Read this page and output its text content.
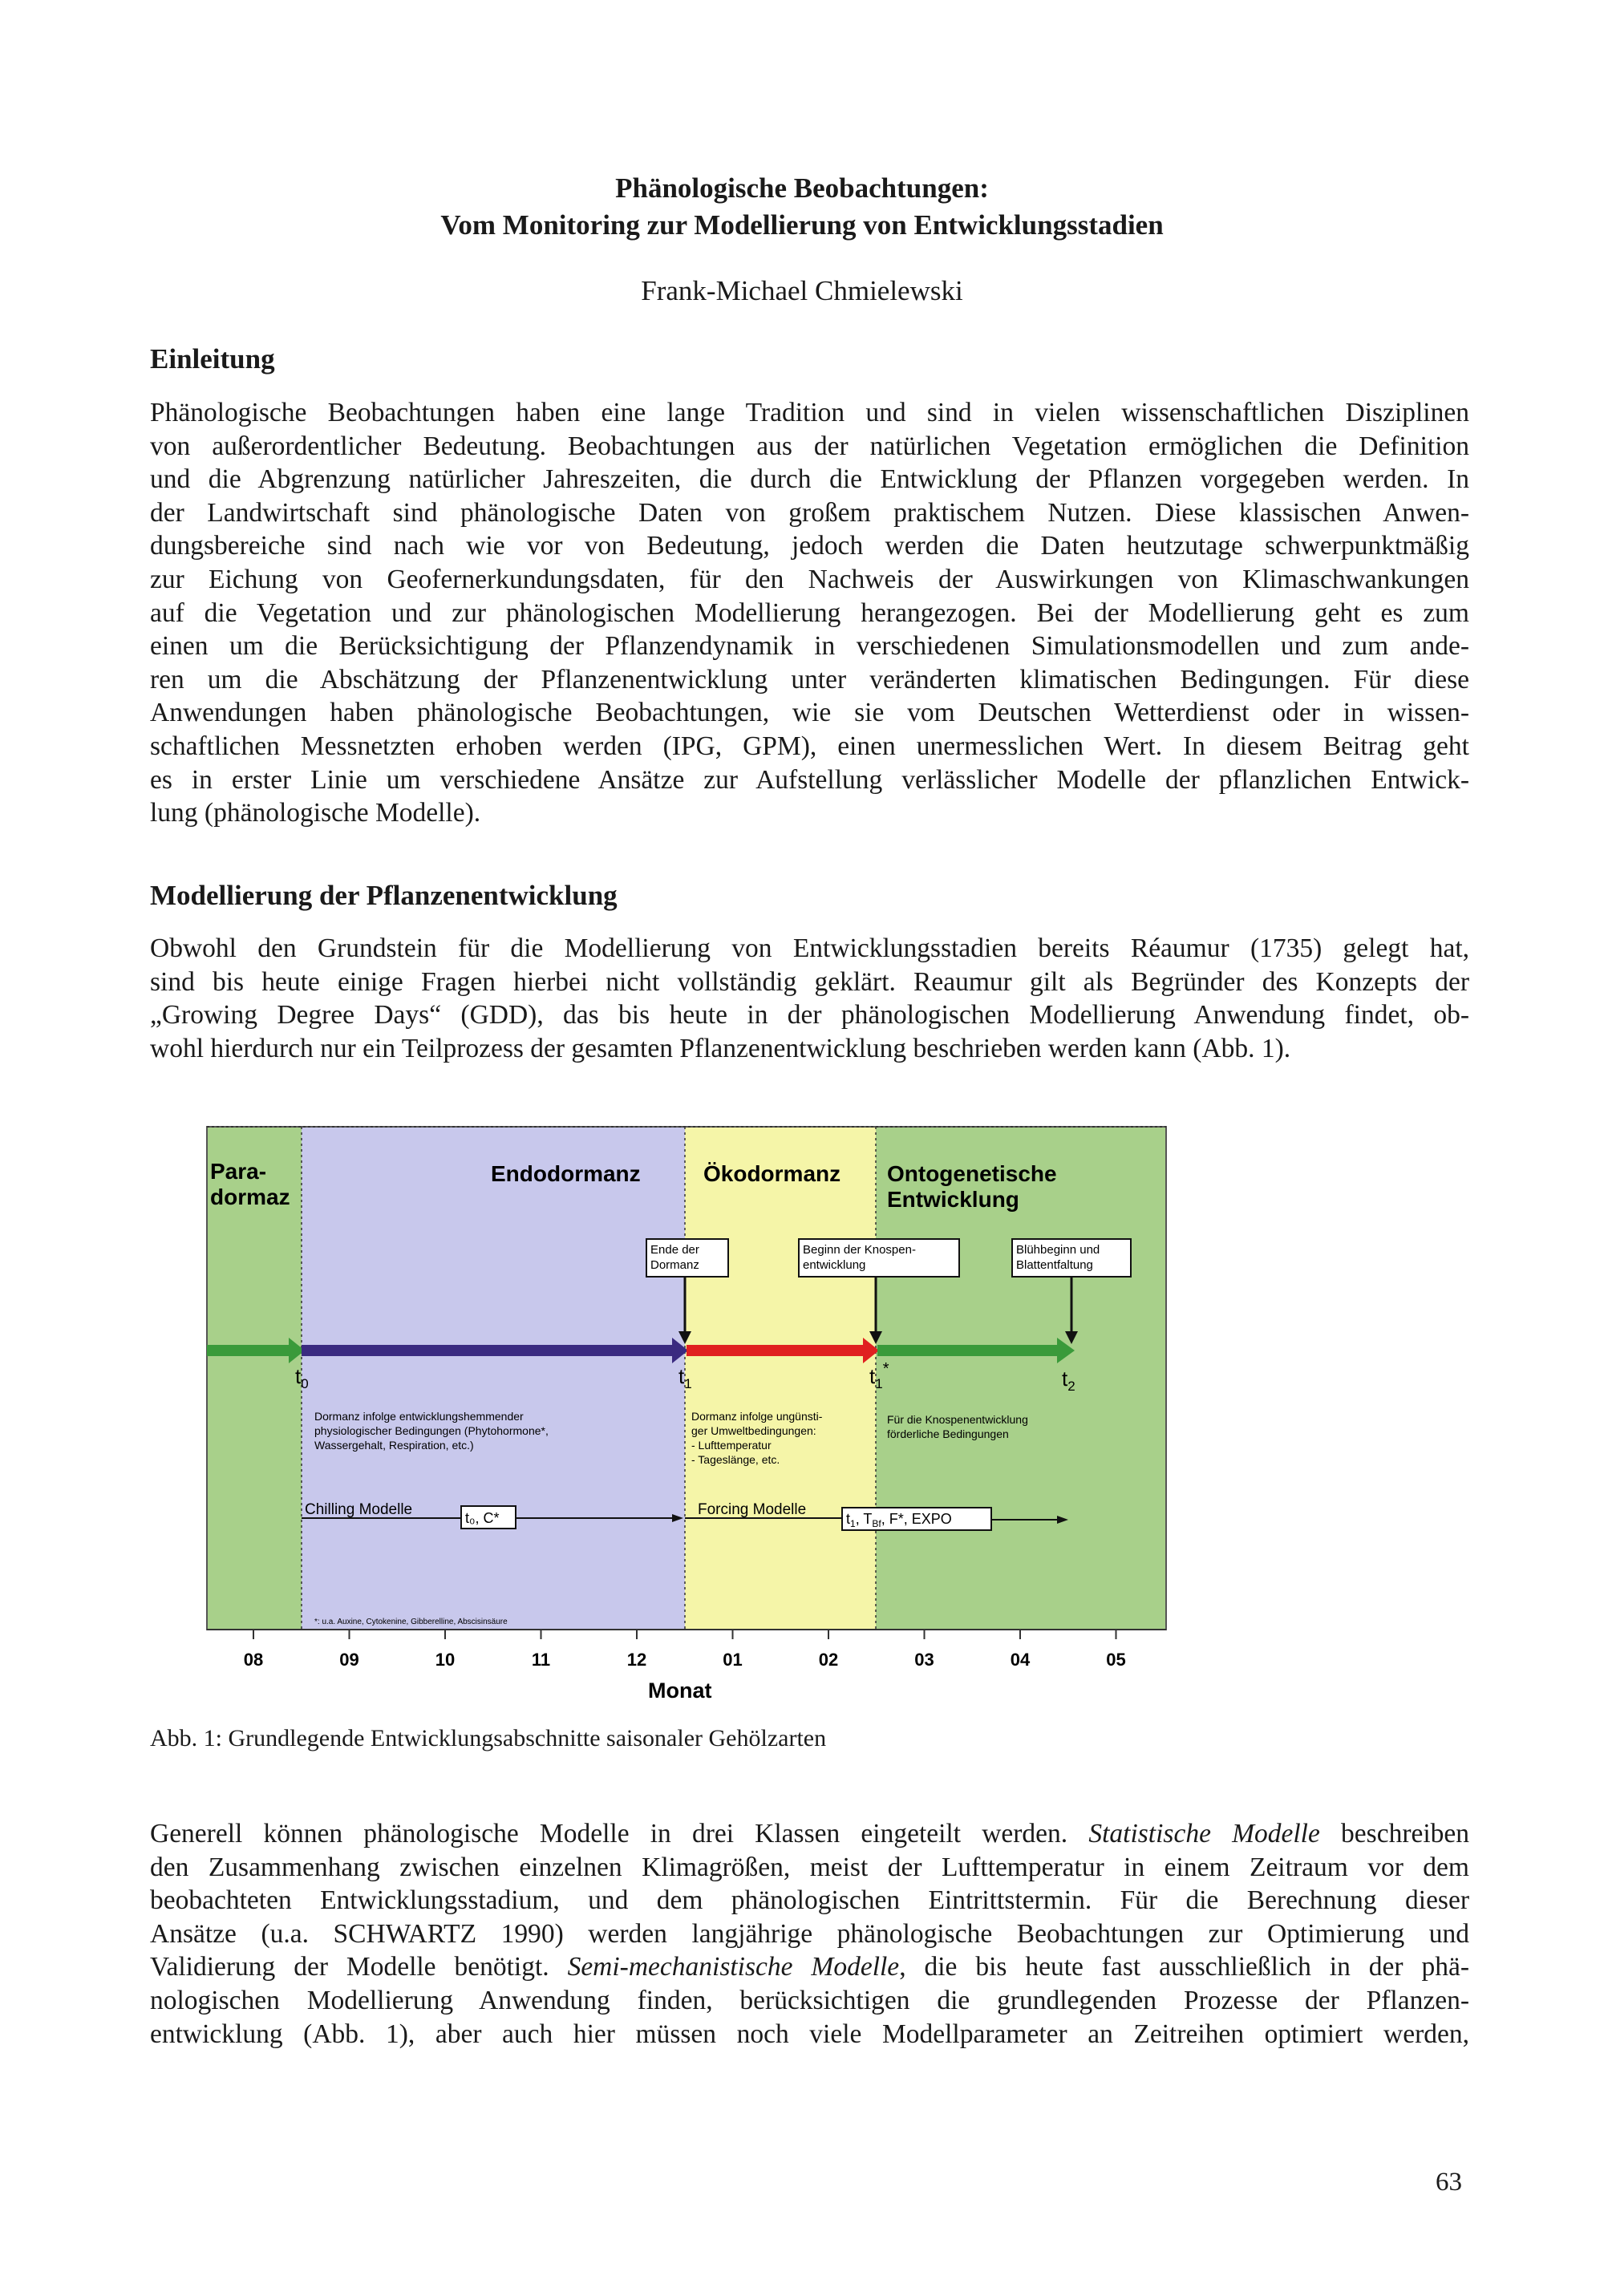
Phänologische Beobachtungen:
Vom Monitoring zur Modellierung von Entwicklungsstadien
Frank-Michael Chmielewski
Einleitung
Phänologische Beobachtungen haben eine lange Tradition und sind in vielen wissenschaftlichen Disziplinen
von außerordentlicher Bedeutung. Beobachtungen aus der natürlichen Vegetation ermöglichen die Definition
und die Abgrenzung natürlicher Jahreszeiten, die durch die Entwicklung der Pflanzen vorgegeben werden. In
der Landwirtschaft sind phänologische Daten von großem praktischem Nutzen. Diese klassischen Anwen-
dungsbereiche sind nach wie vor von Bedeutung, jedoch werden die Daten heutzutage schwerpunktmäßig
zur Eichung von Geofernerkundungsdaten, für den Nachweis der Auswirkungen von Klimaschwankungen
auf die Vegetation und zur phänologischen Modellierung herangezogen. Bei der Modellierung geht es zum
einen um die Berücksichtigung der Pflanzendynamik in verschiedenen Simulationsmodellen und zum ande-
ren um die Abschätzung der Pflanzenentwicklung unter veränderten klimatischen Bedingungen. Für diese
Anwendungen haben phänologische Beobachtungen, wie sie vom Deutschen Wetterdienst oder in wissen-
schaftlichen Messnetzten erhoben werden (IPG, GPM), einen unermesslichen Wert. In diesem Beitrag geht
es in erster Linie um verschiedene Ansätze zur Aufstellung verlässlicher Modelle der pflanzlichen Entwick-
lung (phänologische Modelle).
Modellierung der Pflanzenentwicklung
Obwohl den Grundstein für die Modellierung von Entwicklungsstadien bereits Réaumur (1735) gelegt hat,
sind bis heute einige Fragen hierbei nicht vollständig geklärt. Reaumur gilt als Begründer des Konzepts der
„Growing Degree Days“ (GDD), das bis heute in der phänologischen Modellierung Anwendung findet, ob-
wohl hierdurch nur ein Teilprozess der gesamten Pflanzenentwicklung beschrieben werden kann (Abb. 1).
Para-
dormaz
Endodormanz	Ökodormanz Ontogenetische
Entwicklung
Ende der
Dormanz
Beginn der Knospen-
entwicklung
Blühbeginn und
Blattentfaltung
$t_0$	$t_1$	$t_1^*$	$t_2$
Dormanz infolge entwicklungshemmender
physiologischer Bedingungen (Phytohormone*,
Wassergehalt, Respiration, etc.)
Dormanz infolge ungünsti-
ger Umweltbedingungen:
- Lufttemperatur
- Tageslänge, etc.
Für die Knospenentwicklung
förderliche Bedingungen
Chilling Modelle	t₀, C*	Forcing Modelle
$t_1$, $T_{Bf}$, F*, EXPO
*: u.a. Auxine, Cytokenine, Gibberelline, Abscisinsäure
08	09	10	11	12	01	02	03	04	05
Monat
Abb. 1: Grundlegende Entwicklungsabschnitte saisonaler Gehölzarten
Generell können phänologische Modelle in drei Klassen eingeteilt werden. Statistische Modelle beschreiben
den Zusammenhang zwischen einzelnen Klimagrößen, meist der Lufttemperatur in einem Zeitraum vor dem
beobachteten Entwicklungsstadium, und dem phänologischen Eintrittstermin. Für die Berechnung dieser
Ansätze (u.a. SCHWARTZ 1990) werden langjährige phänologische Beobachtungen zur Optimierung und
Validierung der Modelle benötigt. Semi-mechanistische Modelle, die bis heute fast ausschließlich in der phä-
nologischen Modellierung Anwendung finden, berücksichtigen die grundlegenden Prozesse der Pflanzen-
entwicklung (Abb. 1), aber auch hier müssen noch viele Modellparameter an Zeitreihen optimiert werden,
63
